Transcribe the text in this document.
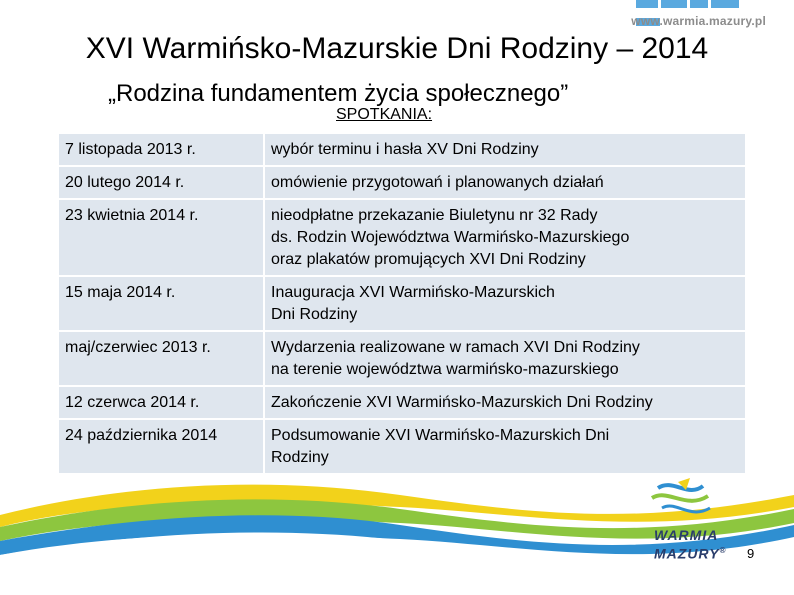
www.warmia.mazury.pl
XVI Warmińsko-Mazurskie Dni Rodziny – 2014
„Rodzina fundamentem życia społecznego”
SPOTKANIA:
7 listopada 2013 r.	wybór terminu i hasła XV Dni Rodziny

20 lutego 2014 r.	omówienie przygotowań i planowanych działań

23 kwietnia 2014 r.	nieodpłatne przekazanie Biuletynu nr 32 Rady
ds. Rodzin Województwa Warmińsko-Mazurskiego
oraz plakatów promujących XVI Dni Rodziny

15 maja 2014 r.	Inauguracja XVI Warmińsko-Mazurskich
Dni Rodziny

maj/czerwiec 2013 r.	Wydarzenia realizowane w ramach XVI Dni Rodziny
na terenie województwa warmińsko-mazurskiego

12 czerwca 2014 r.	Zakończenie XVI Warmińsko-Mazurskich Dni Rodziny

24 października 2014	Podsumowanie XVI Warmińsko-Mazurskich Dni
Rodziny
WARMIA
MAZURY® 9
